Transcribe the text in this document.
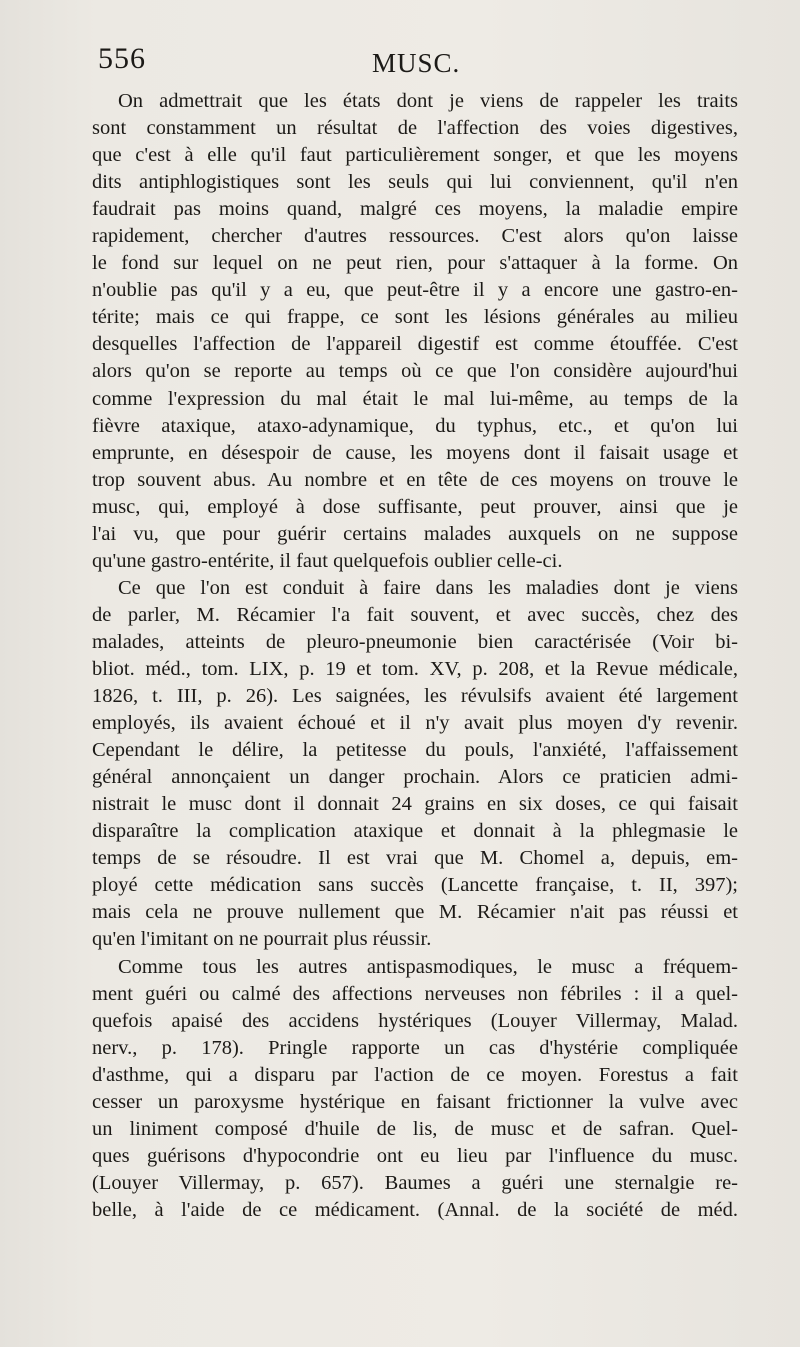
556	MUSC.
On admettrait que les états dont je viens de rappeler les traits
sont constamment un résultat de l'affection des voies digestives,
que c'est à elle qu'il faut particulièrement songer, et que les moyens
dits antiphlogistiques sont les seuls qui lui conviennent, qu'il n'en
faudrait pas moins quand, malgré ces moyens, la maladie empire
rapidement, chercher d'autres ressources. C'est alors qu'on laisse
le fond sur lequel on ne peut rien, pour s'attaquer à la forme. On
n'oublie pas qu'il y a eu, que peut-être il y a encore une gastro-en-
térite; mais ce qui frappe, ce sont les lésions générales au milieu
desquelles l'affection de l'appareil digestif est comme étouffée. C'est
alors qu'on se reporte au temps où ce que l'on considère aujourd'hui
comme l'expression du mal était le mal lui-même, au temps de la
fièvre ataxique, ataxo-adynamique, du typhus, etc., et qu'on lui
emprunte, en désespoir de cause, les moyens dont il faisait usage et
trop souvent abus. Au nombre et en tête de ces moyens on trouve le
musc, qui, employé à dose suffisante, peut prouver, ainsi que je
l'ai vu, que pour guérir certains malades auxquels on ne suppose
qu'une gastro-entérite, il faut quelquefois oublier celle-ci.
Ce que l'on est conduit à faire dans les maladies dont je viens
de parler, M. Récamier l'a fait souvent, et avec succès, chez des
malades, atteints de pleuro-pneumonie bien caractérisée (Voir bi-
bliot. méd., tom. LIX, p. 19 et tom. XV, p. 208, et la Revue médicale,
1826, t. III, p. 26). Les saignées, les révulsifs avaient été largement
employés, ils avaient échoué et il n'y avait plus moyen d'y revenir.
Cependant le délire, la petitesse du pouls, l'anxiété, l'affaissement
général annonçaient un danger prochain. Alors ce praticien admi-
nistrait le musc dont il donnait 24 grains en six doses, ce qui faisait
disparaître la complication ataxique et donnait à la phlegmasie le
temps de se résoudre. Il est vrai que M. Chomel a, depuis, em-
ployé cette médication sans succès (Lancette française, t. II, 397);
mais cela ne prouve nullement que M. Récamier n'ait pas réussi et
qu'en l'imitant on ne pourrait plus réussir.
Comme tous les autres antispasmodiques, le musc a fréquem-
ment guéri ou calmé des affections nerveuses non fébriles : il a quel-
quefois apaisé des accidens hystériques (Louyer Villermay, Malad.
nerv., p. 178). Pringle rapporte un cas d'hystérie compliquée
d'asthme, qui a disparu par l'action de ce moyen. Forestus a fait
cesser un paroxysme hystérique en faisant frictionner la vulve avec
un liniment composé d'huile de lis, de musc et de safran. Quel-
ques guérisons d'hypocondrie ont eu lieu par l'influence du musc.
(Louyer Villermay, p. 657). Baumes a guéri une sternalgie re-
belle, à l'aide de ce médicament. (Annal. de la société de méd.
